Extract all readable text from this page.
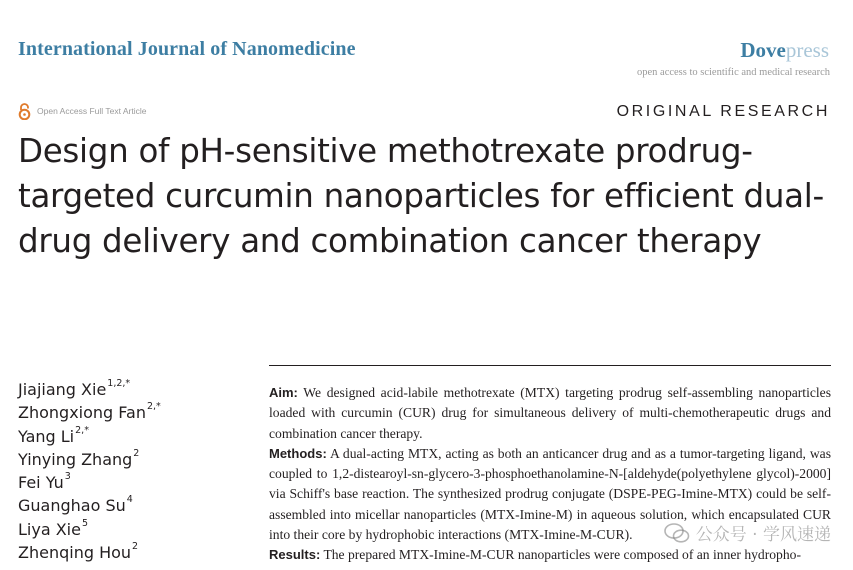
International Journal of Nanomedicine	Dovepress
open access to scientific and medical research
Open Access Full Text Article	ORIGINAL RESEARCH
Design of pH-sensitive methotrexate prodrug-
targeted curcumin nanoparticles for efficient dual-
drug delivery and combination cancer therapy
Jiajiang Xie$^{1,2,*}$
Zhongxiong Fan$^{2,*}$
Yang $Li^{2,*}$
Yinying Zhang$^2$
Fei Yu$^3$
Guanghao Su$^4$
Liya Xie$^5$
Zhenqing Hou$^2$

Aim: We designed acid-labile methotrexate (MTX) targeting prodrug self-assembling nanoparticles loaded with curcumin (CUR) drug for simultaneous delivery of multi-chemotherapeutic drugs and combination cancer therapy.

Methods: A dual-acting MTX, acting as both an anticancer drug and as a tumor-targeting ligand, was coupled to 1,2-distearoyl-sn-glycero-3-phosphoethanolamine-N-[aldehyde(polyethylene glycol)-2000] via Schiff's base reaction. The synthesized prodrug conjugate (DSPE-PEG-Imine-MTX) could be self-assembled into micellar nanoparticles (MTX-Imine-M) in aqueous solution, which encapsulated CUR into their core by hydrophobic interactions (MTX-Imine-M-CUR).

Results: The prepared MTX-Imine-M-CUR nanoparticles were composed of an inner hydropho-

公众号 · 学风速递
